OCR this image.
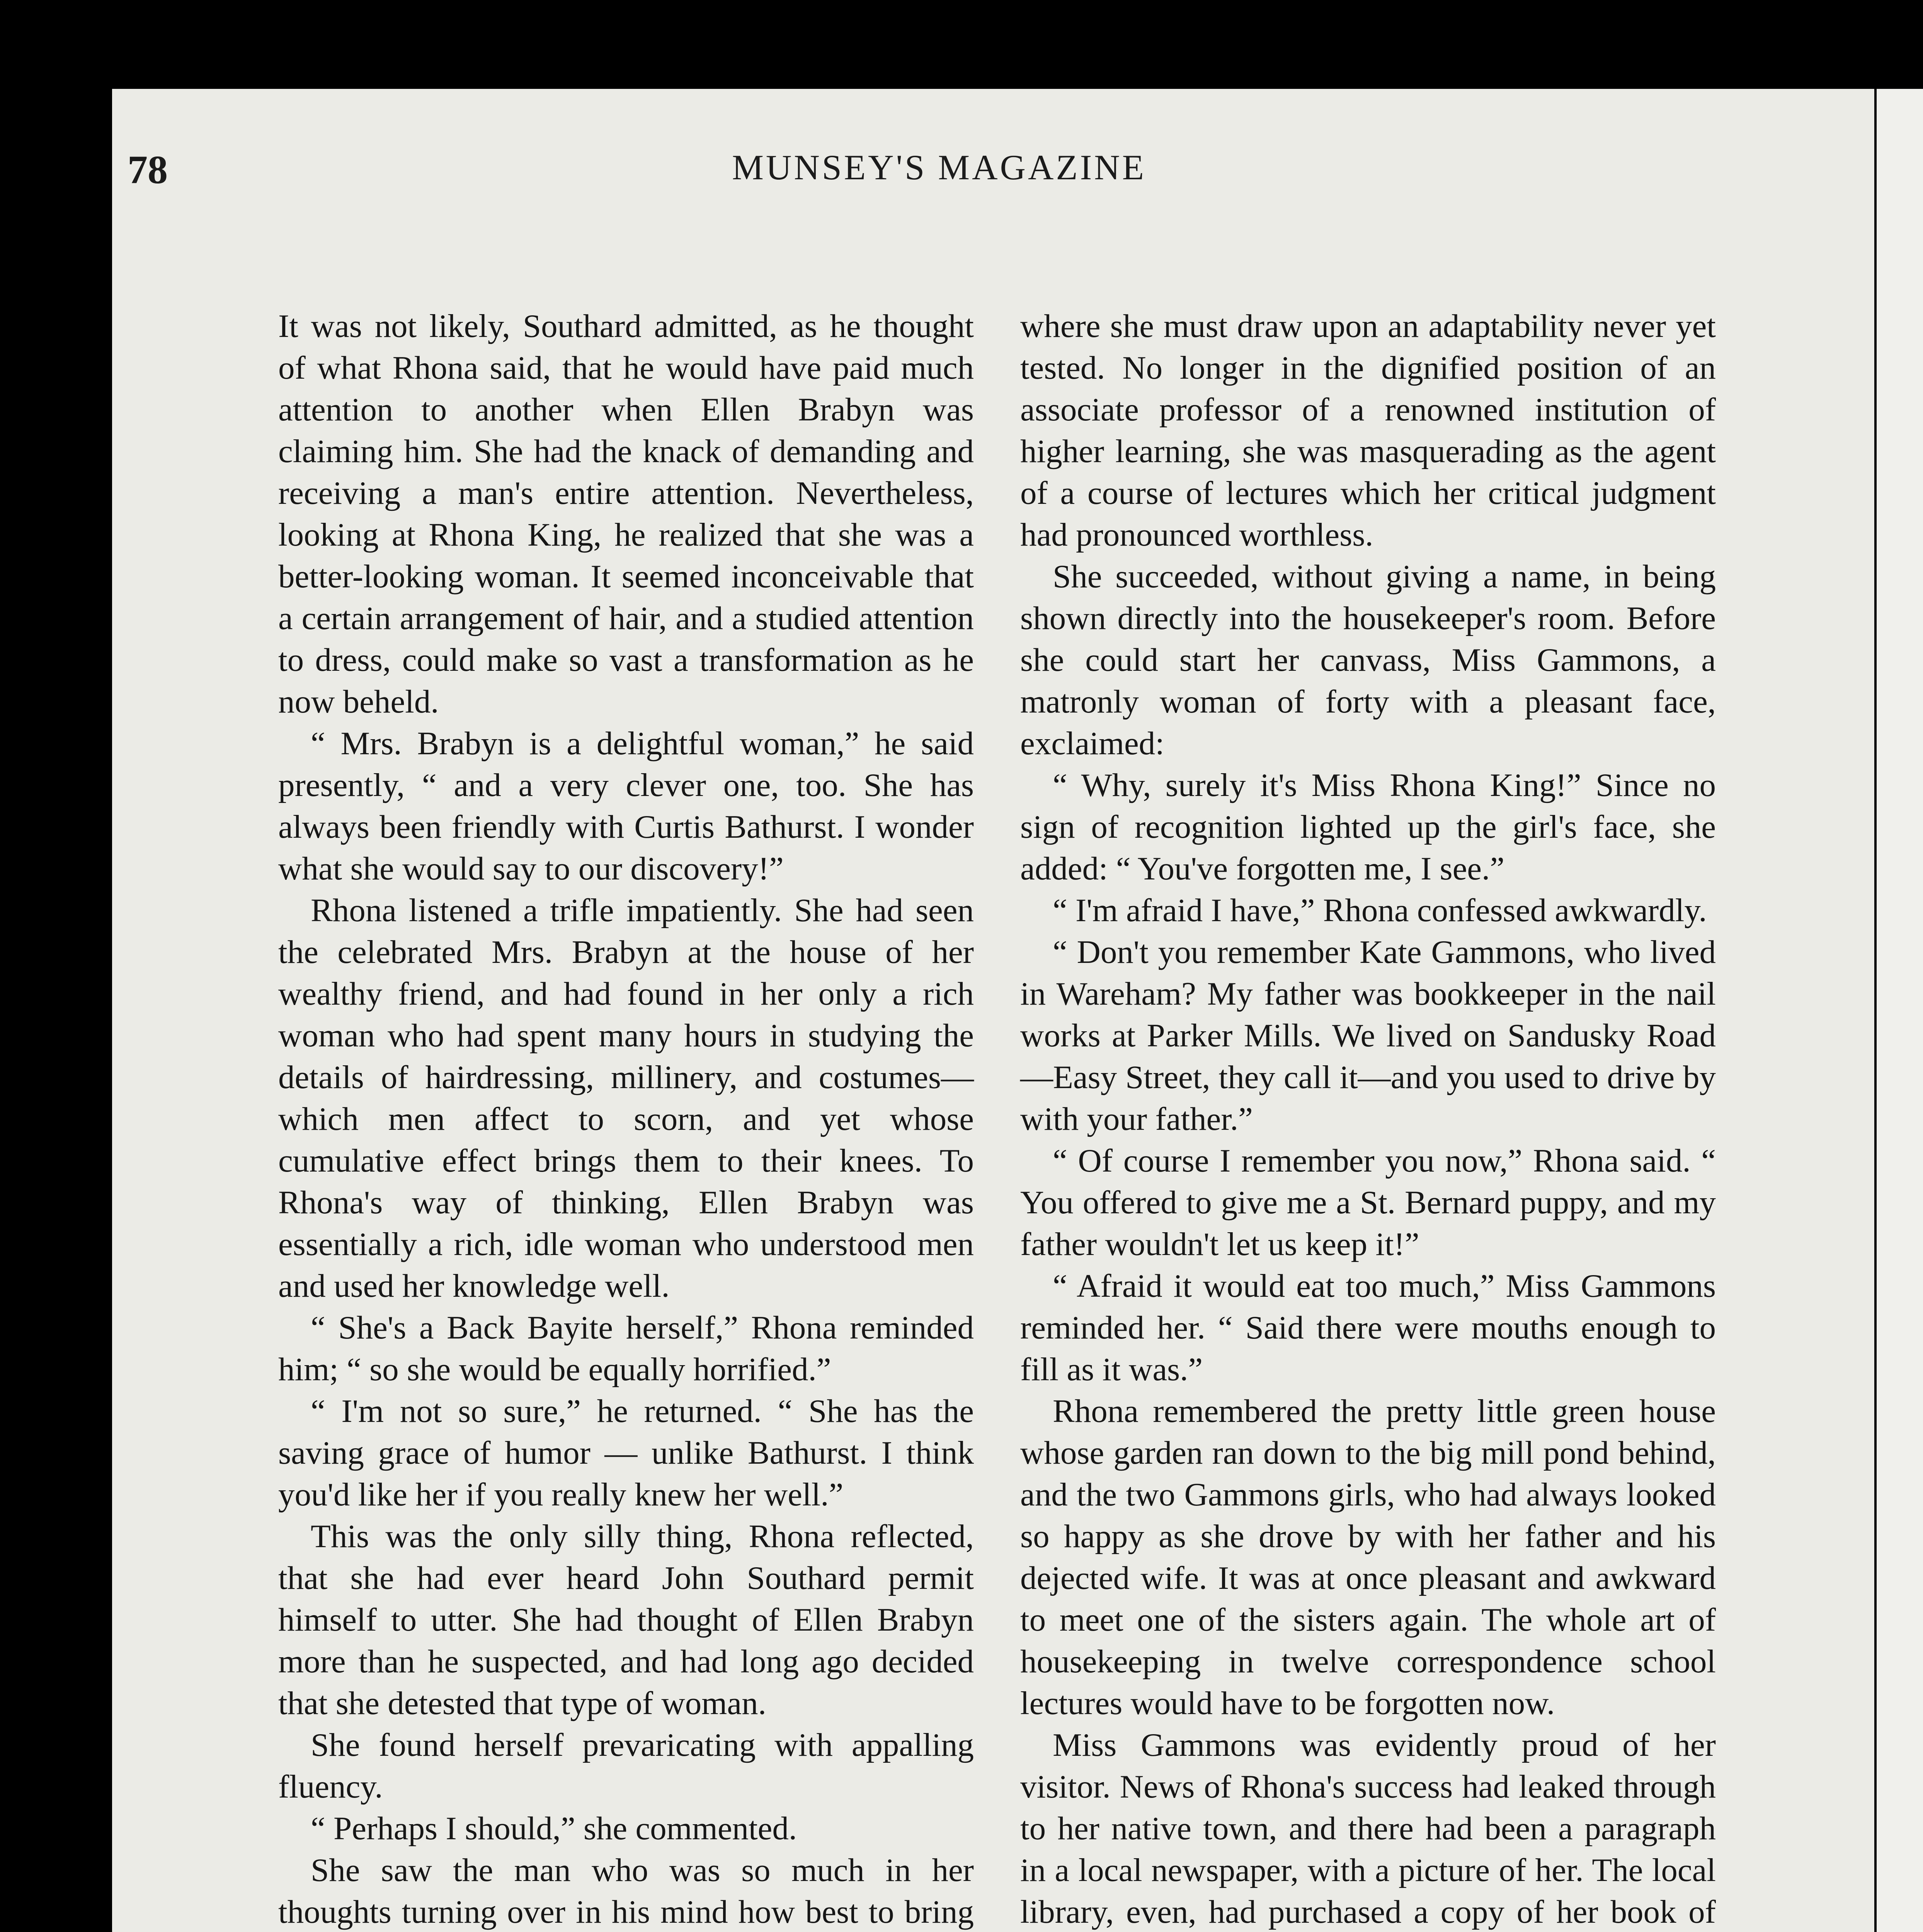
78	MUNSEY'S MAGAZINE

It was not likely, Southard admitted, as he thought of what Rhona said, that he would have paid much attention to another when Ellen Brabyn was claiming him. She had the knack of demanding and receiving a man's entire attention. Nevertheless, looking at Rhona King, he realized that she was a better-looking woman. It seemed inconceivable that a certain arrangement of hair, and a studied attention to dress, could make so vast a transformation as he now beheld.

“ Mrs. Brabyn is a delightful woman,” he said presently, “ and a very clever one, too. She has always been friendly with Curtis Bathurst. I wonder what she would say to our discovery!”

Rhona listened a trifle impatiently. She had seen the celebrated Mrs. Brabyn at the house of her wealthy friend, and had found in her only a rich woman who had spent many hours in studying the details of hairdressing, millinery, and costumes— which men affect to scorn, and yet whose cumulative effect brings them to their knees. To Rhona's way of thinking, Ellen Brabyn was essentially a rich, idle woman who understood men and used her knowledge well.

“ She's a Back Bayite herself,” Rhona reminded him; “ so she would be equally horrified.”

“ I'm not so sure,” he returned. “ She has the saving grace of humor — unlike Bathurst. I think you'd like her if you really knew her well.”

This was the only silly thing, Rhona reflected, that she had ever heard John Southard permit himself to utter. She had thought of Ellen Brabyn more than he suspected, and had long ago decided that she detested that type of woman.

She found herself prevaricating with appalling fluency.

“ Perhaps I should,” she commented.

She saw the man who was so much in her thoughts turning over in his mind how best to bring

where she must draw upon an adaptability never yet tested. No longer in the dignified position of an associate professor of a renowned institution of higher learning, she was masquerading as the agent of a course of lectures which her critical judgment had pronounced worthless.

She succeeded, without giving a name, in being shown directly into the housekeeper's room. Before she could start her canvass, Miss Gammons, a matronly woman of forty with a pleasant face, exclaimed:

“ Why, surely it's Miss Rhona King!” Since no sign of recognition lighted up the girl's face, she added: “ You've forgotten me, I see.”

“ I'm afraid I have,” Rhona confessed awkwardly.

“ Don't you remember Kate Gammons, who lived in Wareham? My father was bookkeeper in the nail works at Parker Mills. We lived on Sandusky Road—Easy Street, they call it—and you used to drive by with your father.”

“ Of course I remember you now,” Rhona said. “ You offered to give me a St. Bernard puppy, and my father wouldn't let us keep it!”

“ Afraid it would eat too much,” Miss Gammons reminded her. “ Said there were mouths enough to fill as it was.”

Rhona remembered the pretty little green house whose garden ran down to the big mill pond behind, and the two Gammons girls, who had always looked so happy as she drove by with her father and his dejected wife. It was at once pleasant and awkward to meet one of the sisters again. The whole art of housekeeping in twelve correspondence school lectures would have to be forgotten now.

Miss Gammons was evidently proud of her visitor. News of Rhona's success had leaked through to her native town, and there had been a paragraph in a local newspaper, with a picture of her. The local library, even, had purchased a copy of her book of
